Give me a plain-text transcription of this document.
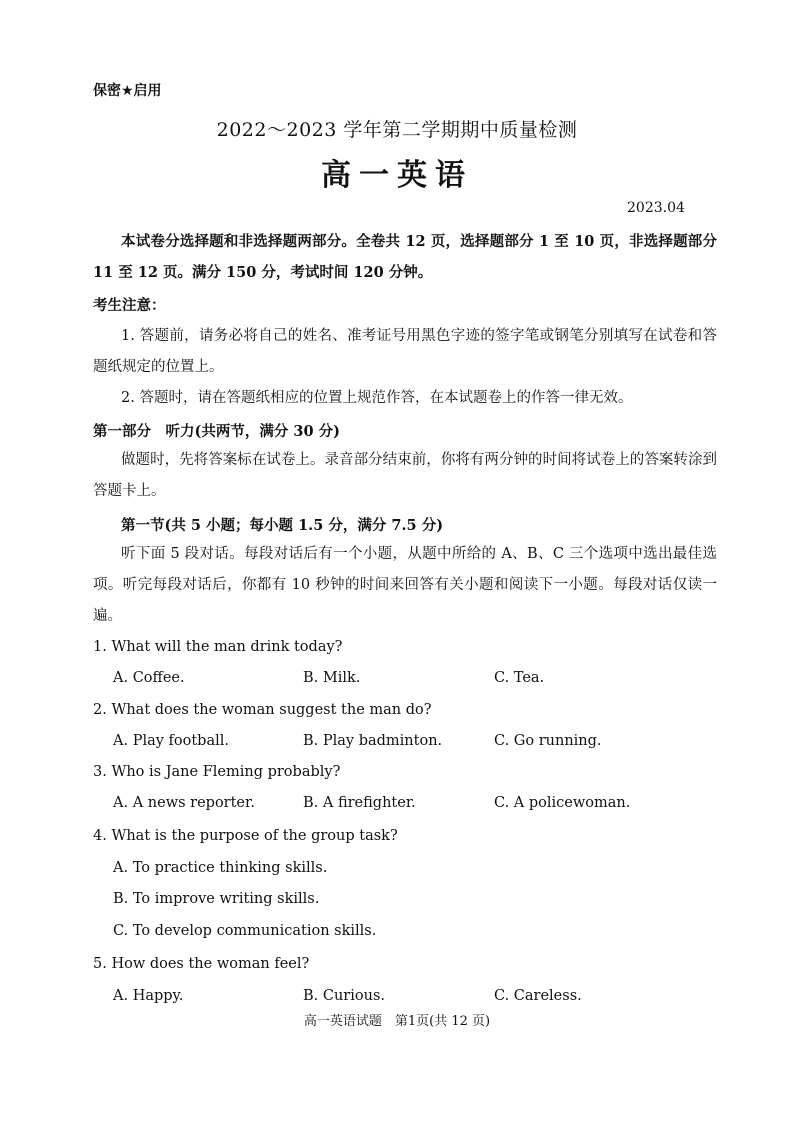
保密★启用
2022～2023 学年第二学期期中质量检测
高一英语
2023.04
本试卷分选择题和非选择题两部分。全卷共 12 页，选择题部分 1 至 10 页，非选择题部分 11 至 12 页。满分 150 分，考试时间 120 分钟。
考生注意：
1. 答题前，请务必将自己的姓名、准考证号用黑色字迹的签字笔或钢笔分别填写在试卷和答题纸规定的位置上。
2. 答题时，请在答题纸相应的位置上规范作答，在本试题卷上的作答一律无效。
第一部分　听力(共两节，满分 30 分)
做题时，先将答案标在试卷上。录音部分结束前，你将有两分钟的时间将试卷上的答案转涂到答题卡上。
第一节(共 5 小题；每小题 1.5 分，满分 7.5 分)
听下面 5 段对话。每段对话后有一个小题，从题中所给的 A、B、C 三个选项中选出最佳选项。听完每段对话后，你都有 10 秒钟的时间来回答有关小题和阅读下一小题。每段对话仅读一遍。
1. What will the man drink today?
A. Coffee.	B. Milk.	C. Tea.
2. What does the woman suggest the man do?
A. Play football.	B. Play badminton.	C. Go running.
3. Who is Jane Fleming probably?
A. A news reporter.	B. A firefighter.	C. A policewoman.
4. What is the purpose of the group task?
A. To practice thinking skills.
B. To improve writing skills.
C. To develop communication skills.
5. How does the woman feel?
A. Happy.	B. Curious.	C. Careless.
高一英语试题　第1页(共 12 页)
